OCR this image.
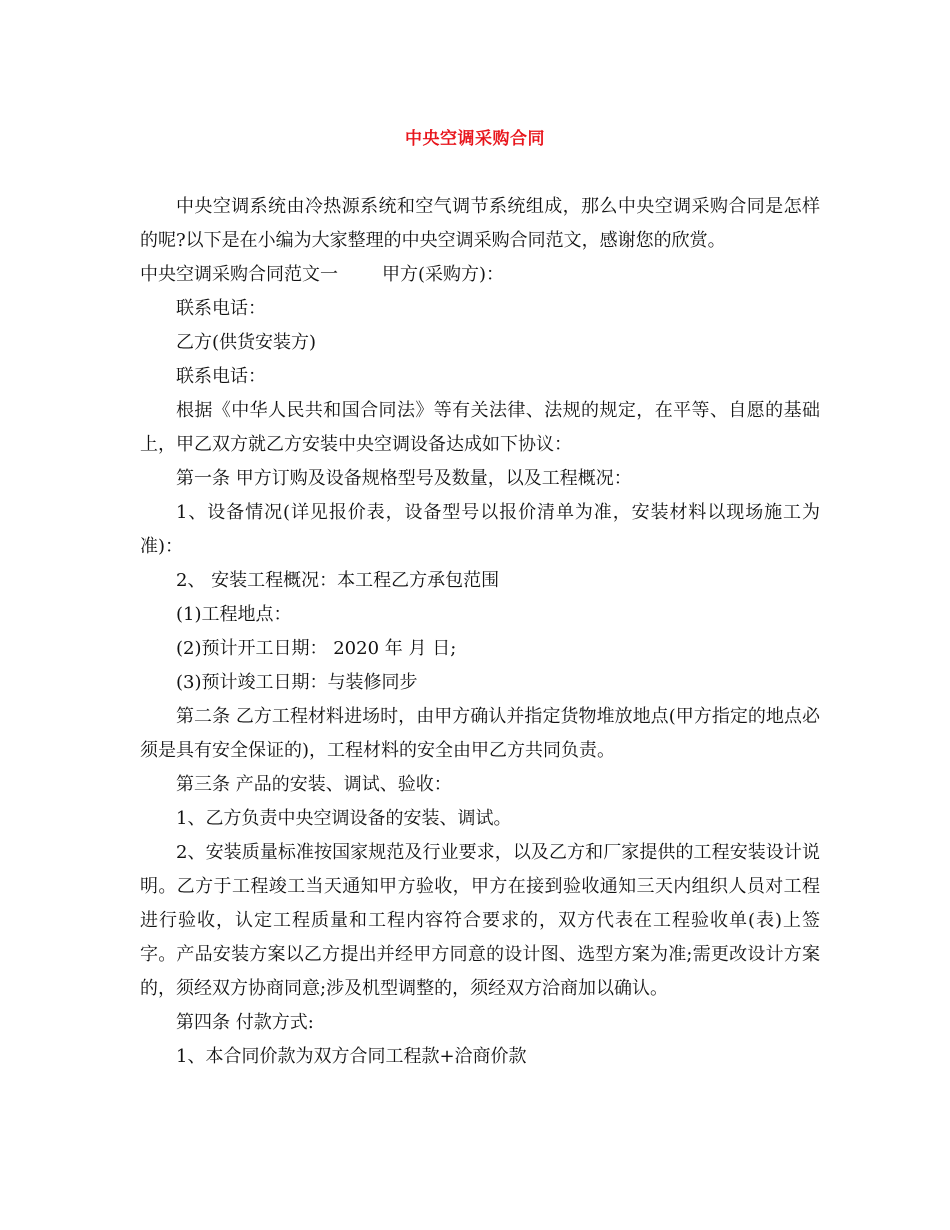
中央空调采购合同

中央空调系统由冷热源系统和空气调节系统组成，那么中央空调采购合同是怎样的呢?以下是在小编为大家整理的中央空调采购合同范文，感谢您的欣赏。

中央空调采购合同范文一 甲方(采购方)：

联系电话：

乙方(供货安装方)

联系电话：

根据《中华人民共和国合同法》等有关法律、法规的规定，在平等、自愿的基础上，甲乙双方就乙方安装中央空调设备达成如下协议：

第一条 甲方订购及设备规格型号及数量，以及工程概况：

1、设备情况(详见报价表，设备型号以报价清单为准，安装材料以现场施工为准)：

2、 安装工程概况：本工程乙方承包范围

(1)工程地点：

(2)预计开工日期： 2020 年 月 日;

(3)预计竣工日期：与装修同步

第二条 乙方工程材料进场时，由甲方确认并指定货物堆放地点(甲方指定的地点必须是具有安全保证的)，工程材料的安全由甲乙方共同负责。

第三条 产品的安装、调试、验收：

1、乙方负责中央空调设备的安装、调试。

2、安装质量标准按国家规范及行业要求，以及乙方和厂家提供的工程安装设计说明。乙方于工程竣工当天通知甲方验收，甲方在接到验收通知三天内组织人员对工程进行验收，认定工程质量和工程内容符合要求的，双方代表在工程验收单(表)上签字。产品安装方案以乙方提出并经甲方同意的设计图、选型方案为准;需更改设计方案的，须经双方协商同意;涉及机型调整的，须经双方洽商加以确认。

第四条 付款方式:

1、本合同价款为双方合同工程款+洽商价款
